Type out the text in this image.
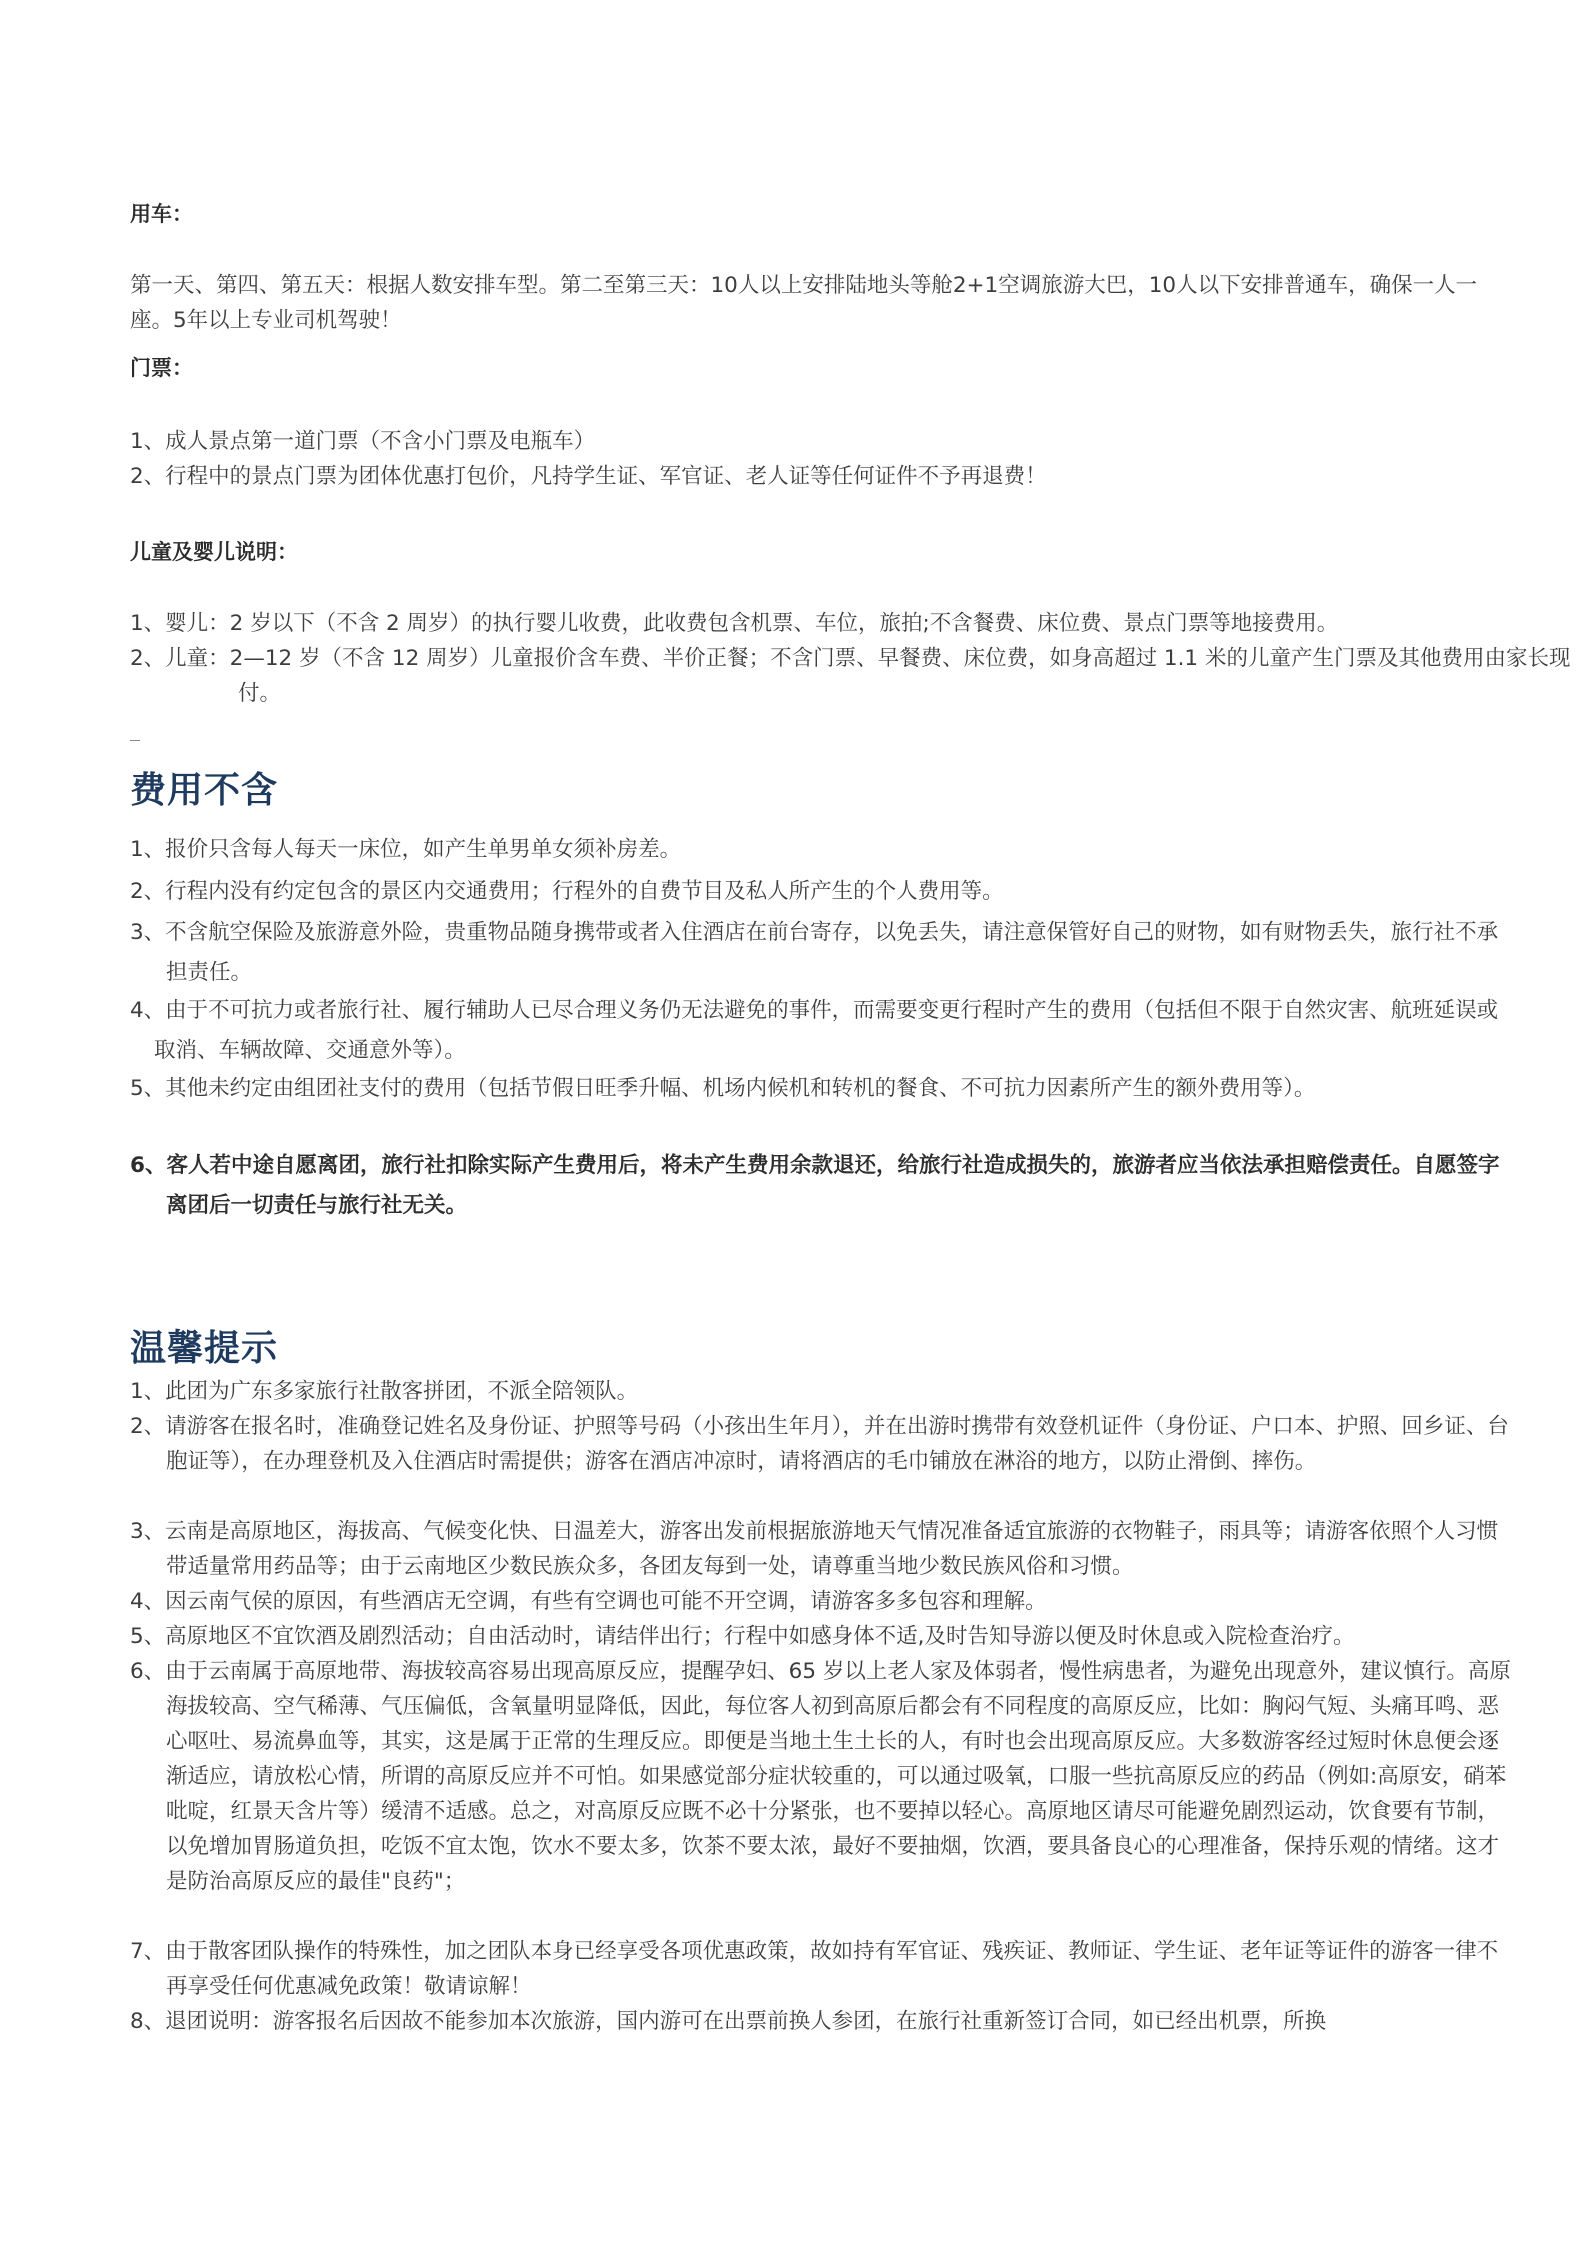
用车：
第一天、第四、第五天：根据人数安排车型。第二至第三天：10人以上安排陆地头等舱2+1空调旅游大巴，10人以下安排普通车，确保一人一座。5年以上专业司机驾驶！
门票：
1、成人景点第一道门票（不含小门票及电瓶车）
2、行程中的景点门票为团体优惠打包价，凡持学生证、军官证、老人证等任何证件不予再退费！
儿童及婴儿说明：
1、婴儿：2 岁以下（不含 2 周岁）的执行婴儿收费，此收费包含机票、车位，旅拍;不含餐费、床位费、景点门票等地接费用。
2、儿童：2—12 岁（不含 12 周岁）儿童报价含车费、半价正餐；不含门票、早餐费、床位费，如身高超过 1.1 米的儿童产生门票及其他费用由家长现付。
费用不含
1、报价只含每人每天一床位，如产生单男单女须补房差。
2、行程内没有约定包含的景区内交通费用；行程外的自费节目及私人所产生的个人费用等。
3、不含航空保险及旅游意外险，贵重物品随身携带或者入住酒店在前台寄存，以免丢失，请注意保管好自己的财物，如有财物丢失，旅行社不承担责任。
4、由于不可抗力或者旅行社、履行辅助人已尽合理义务仍无法避免的事件，而需要变更行程时产生的费用（包括但不限于自然灾害、航班延误或取消、车辆故障、交通意外等）。
5、其他未约定由组团社支付的费用（包括节假日旺季升幅、机场内候机和转机的餐食、不可抗力因素所产生的额外费用等）。
6、客人若中途自愿离团，旅行社扣除实际产生费用后，将未产生费用余款退还，给旅行社造成损失的，旅游者应当依法承担赔偿责任。自愿签字离团后一切责任与旅行社无关。
温馨提示
1、此团为广东多家旅行社散客拼团，不派全陪领队。
2、请游客在报名时，准确登记姓名及身份证、护照等号码（小孩出生年月），并在出游时携带有效登机证件（身份证、户口本、护照、回乡证、台胞证等），在办理登机及入住酒店时需提供；游客在酒店冲凉时，请将酒店的毛巾铺放在淋浴的地方，以防止滑倒、摔伤。
3、云南是高原地区，海拔高、气候变化快、日温差大，游客出发前根据旅游地天气情况准备适宜旅游的衣物鞋子，雨具等；请游客依照个人习惯带适量常用药品等；由于云南地区少数民族众多，各团友每到一处，请尊重当地少数民族风俗和习惯。
4、因云南气侯的原因，有些酒店无空调，有些有空调也可能不开空调，请游客多多包容和理解。
5、高原地区不宜饮酒及剧烈活动；自由活动时，请结伴出行；行程中如感身体不适,及时告知导游以便及时休息或入院检查治疗。
6、由于云南属于高原地带、海拔较高容易出现高原反应，提醒孕妇、65 岁以上老人家及体弱者，慢性病患者，为避免出现意外，建议慎行。高原海拔较高、空气稀薄、气压偏低，含氧量明显降低，因此，每位客人初到高原后都会有不同程度的高原反应，比如：胸闷气短、头痛耳鸣、恶心呕吐、易流鼻血等，其实，这是属于正常的生理反应。即便是当地土生土长的人，有时也会出现高原反应。大多数游客经过短时休息便会逐渐适应，请放松心情，所谓的高原反应并不可怕。如果感觉部分症状较重的，可以通过吸氧，口服一些抗高原反应的药品（例如:高原安，硝苯吡啶，红景天含片等）缓清不适感。总之，对高原反应既不必十分紧张，也不要掉以轻心。高原地区请尽可能避免剧烈运动，饮食要有节制，以免增加胃肠道负担，吃饭不宜太饱，饮水不要太多，饮茶不要太浓，最好不要抽烟，饮酒，要具备良心的心理准备，保持乐观的情绪。这才是防治高原反应的最佳"良药"；
7、由于散客团队操作的特殊性，加之团队本身已经享受各项优惠政策，故如持有军官证、残疾证、教师证、学生证、老年证等证件的游客一律不再享受任何优惠减免政策！敬请谅解！
8、退团说明：游客报名后因故不能参加本次旅游，国内游可在出票前换人参团，在旅行社重新签订合同，如已经出机票，所换
